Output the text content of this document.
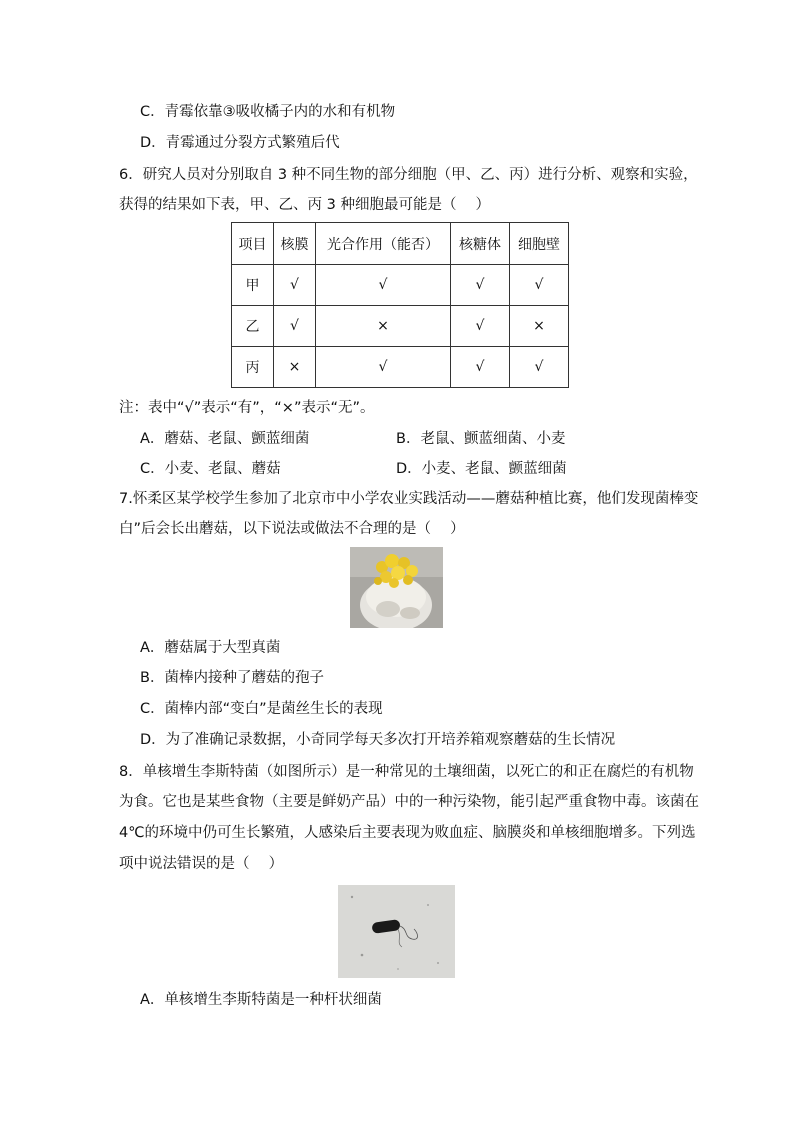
C．青霉依靠③吸收橘子内的水和有机物
D．青霉通过分裂方式繁殖后代
6．研究人员对分别取自 3 种不同生物的部分细胞（甲、乙、丙）进行分析、观察和实验，
获得的结果如下表，甲、乙、丙 3 种细胞最可能是（　 ）
项目	核膜	光合作用（能否）	核糖体	细胞壁
甲	√	√	√	√
乙	√	×	√	×
丙	×	√	√	√
注：表中“√”表示“有”，“×”表示“无”。
A．蘑菇、老鼠、颤蓝细菌	B．老鼠、颤蓝细菌、小麦
C．小麦、老鼠、蘑菇	D．小麦、老鼠、颤蓝细菌
7.怀柔区某学校学生参加了北京市中小学农业实践活动——蘑菇种植比赛，他们发现菌棒变
白”后会长出蘑菇，以下说法或做法不合理的是（　 ）
A．蘑菇属于大型真菌
B．菌棒内接种了蘑菇的孢子
C．菌棒内部“变白”是菌丝生长的表现
D．为了准确记录数据，小奇同学每天多次打开培养箱观察蘑菇的生长情况
8．单核增生李斯特菌（如图所示）是一种常见的土壤细菌，以死亡的和正在腐烂的有机物
为食。它也是某些食物（主要是鲜奶产品）中的一种污染物，能引起严重食物中毒。该菌在
4℃的环境中仍可生长繁殖，人感染后主要表现为败血症、脑膜炎和单核细胞增多。下列选
项中说法错误的是（　 ）
A．单核增生李斯特菌是一种杆状细菌
